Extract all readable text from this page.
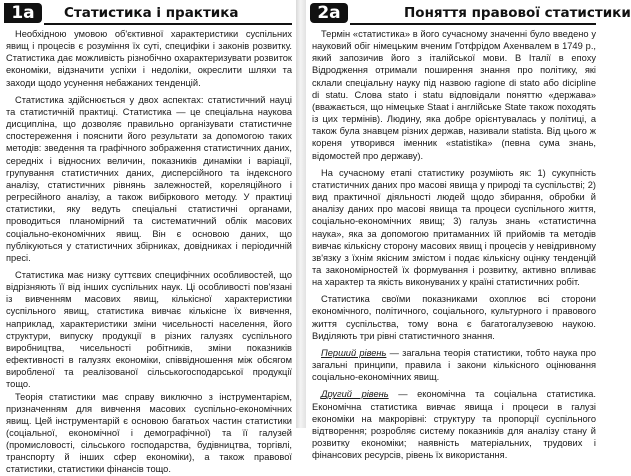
1а	Статистика і практика

Необхідною умовою об'єктивної характеристики суспільних явищ і процесів є розуміння їх суті, специфіки і законів розвитку. Статистика дає можливість різнобічно охарактеризувати розвиток економіки, відзначити успіхи і недоліки, окреслити шляхи та заходи щодо усунення небажаних тенденцій.

Статистика здійснюється у двох аспектах: статистичний науці та статистичній практиці. Статистика — це спеціальна наукова дисципліна, що дозволяє правильно організувати статистичне спостереження і пояснити його результати за допомогою таких методів: зведення та графічного зображення статистичних даних, середніх і відносних величин, показників динаміки і варіації, групування статистичних даних, дисперсійного та індексного аналізу, статистичних рівнянь залежностей, кореляційного і регресійного аналізу, а також вибіркового методу. У практиці статистики, яку ведуть спеціальні статистичні органами, проводиться планомірний та систематичний облік масових соціально-економічних явищ. Він є основою даних, що публікуються у статистичних збірниках, довідниках і періодичній пресі.

Статистика має низку суттєвих специфічних особливостей, що відрізняють її від інших суспільних наук. Ці особливості пов'язані із вивченням масових явищ, кількісної характеристики суспільного явищ, статистика вивчає кількісне їх вивчення, наприклад, характеристики зміни чисельності населення, його структури, випуску продукції в різних галузях суспільного виробництва, чисельності робітників, зміни показників ефективності в галузях економіки, співвідношення між обсягом виробленої та реалізованої сільськогосподарської продукції тощо.

Теорія статистики має справу виключно з інструментарієм, призначенням для вивчення масових суспільно-економічних явищ. Цей інструментарій є основою багатьох частин статистики (соціальної, економічної і демографічної) та її галузей (промисловості, сільського господарства, будівництва, торгівлі, транспорту й інших сфер економіки), а також правової статистики, статистики фінансів тощо.

2а	Поняття правової статистики

Термін «статистика» в його сучасному значенні було введено у науковий обіг німецьким вченим Готфрідом Ахенвалем в 1749 р., який запозичив його з італійської мови. В Італії в епоху Відродження отримали поширення знання про політику, які склали спеціальну науку під назвою ragione di stato або dicipline di statu. Слова stato і statu відповідали поняттю «держава» (вважається, що німецьке Staat і англійське State також походять із цих термінів). Людину, яка добре орієнтувалась у політиці, а також була знавцем різних держав, називали statista. Від цього ж кореня утворився іменник «statistika» (певна сума знань, відомостей про державу).

На сучасному етапі статистику розуміють як: 1) сукупність статистичних даних про масові явища у природі та суспільстві; 2) вид практичної діяльності людей щодо збирання, обробки й аналізу даних про масові явища та процеси суспільного життя, соціально-економічних явищ; 3) галузь знань «статистична наука», яка за допомогою притаманних їй прийомів та методів вивчає кількісну сторону масових явищ і процесів у невідривному зв'язку з їхнім якісним змістом і подає кількісну оцінку тенденцій та закономірностей їх формування і розвитку, активно впливає на характер та якість виконуваних у країні статистичних робіт.

Статистика своїми показниками охоплює всі сторони економічного, політичного, соціального, культурного і правового життя суспільства, тому вона є багатогалузевою наукою. Виділяють три рівні статистичного знання.

Перший рівень — загальна теорія статистики, тобто наука про загальні принципи, правила і закони кількісного оцінювання соціально-економічних явищ.

Другий рівень — економічна та соціальна статистика. Економічна статистика вивчає явища і процеси в галузі економіки на макрорівні: структуру та пропорції суспільного відтворення; розробляє систему показників для аналізу стану й розвитку економіки; наявність матеріальних, трудових і фінансових ресурсів, рівень їх використання.
